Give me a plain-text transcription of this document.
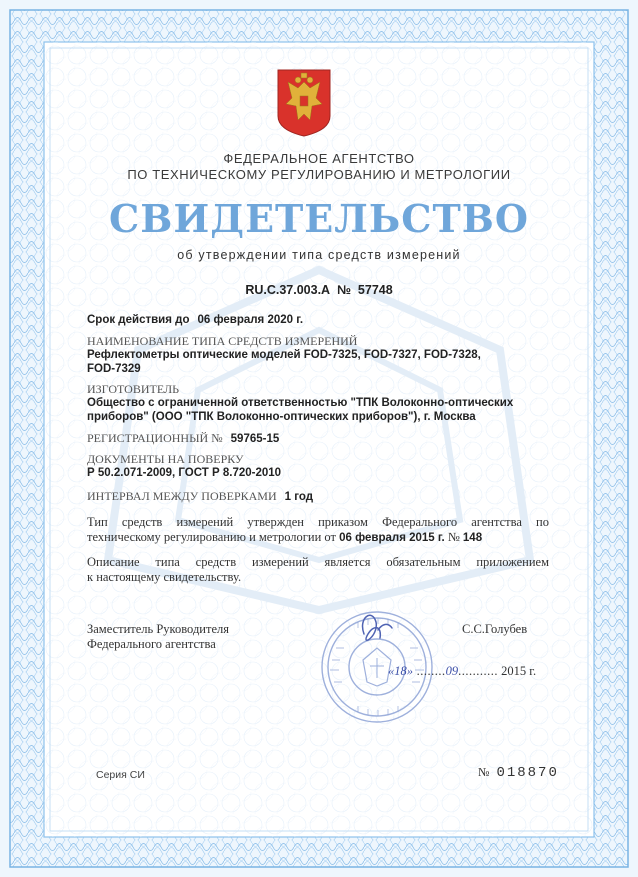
ФЕДЕРАЛЬНОЕ АГЕНТСТВО
ПО ТЕХНИЧЕСКОМУ РЕГУЛИРОВАНИЮ И МЕТРОЛОГИИ
СВИДЕТЕЛЬСТВО
об утверждении типа средств измерений
RU.C.37.003.A № 57748
Срок действия до 06 февраля 2020 г.
НАИМЕНОВАНИЕ ТИПА СРЕДСТВ ИЗМЕРЕНИЙ
Рефлектометры оптические моделей FOD-7325, FOD-7327, FOD-7328,
FOD-7329
ИЗГОТОВИТЕЛЬ
Общество с ограниченной ответственностью "ТПК Волоконно-оптических
приборов" (ООО "ТПК Волоконно-оптических приборов"), г. Москва
РЕГИСТРАЦИОННЫЙ № 59765-15
ДОКУМЕНТЫ НА ПОВЕРКУ
Р 50.2.071-2009, ГОСТ Р 8.720-2010
ИНТЕРВАЛ МЕЖДУ ПОВЕРКАМИ 1 год
Тип средств измерений утвержден приказом Федерального агентства по
техническому регулированию и метрологии от 06 февраля 2015 г. № 148
Описание типа средств измерений является обязательным приложением
к настоящему свидетельству.
Заместитель Руководителя
Федерального агентства
С.С.Голубев
«18» ........09........... 2015 г.
Серия СИ	№ 018870
